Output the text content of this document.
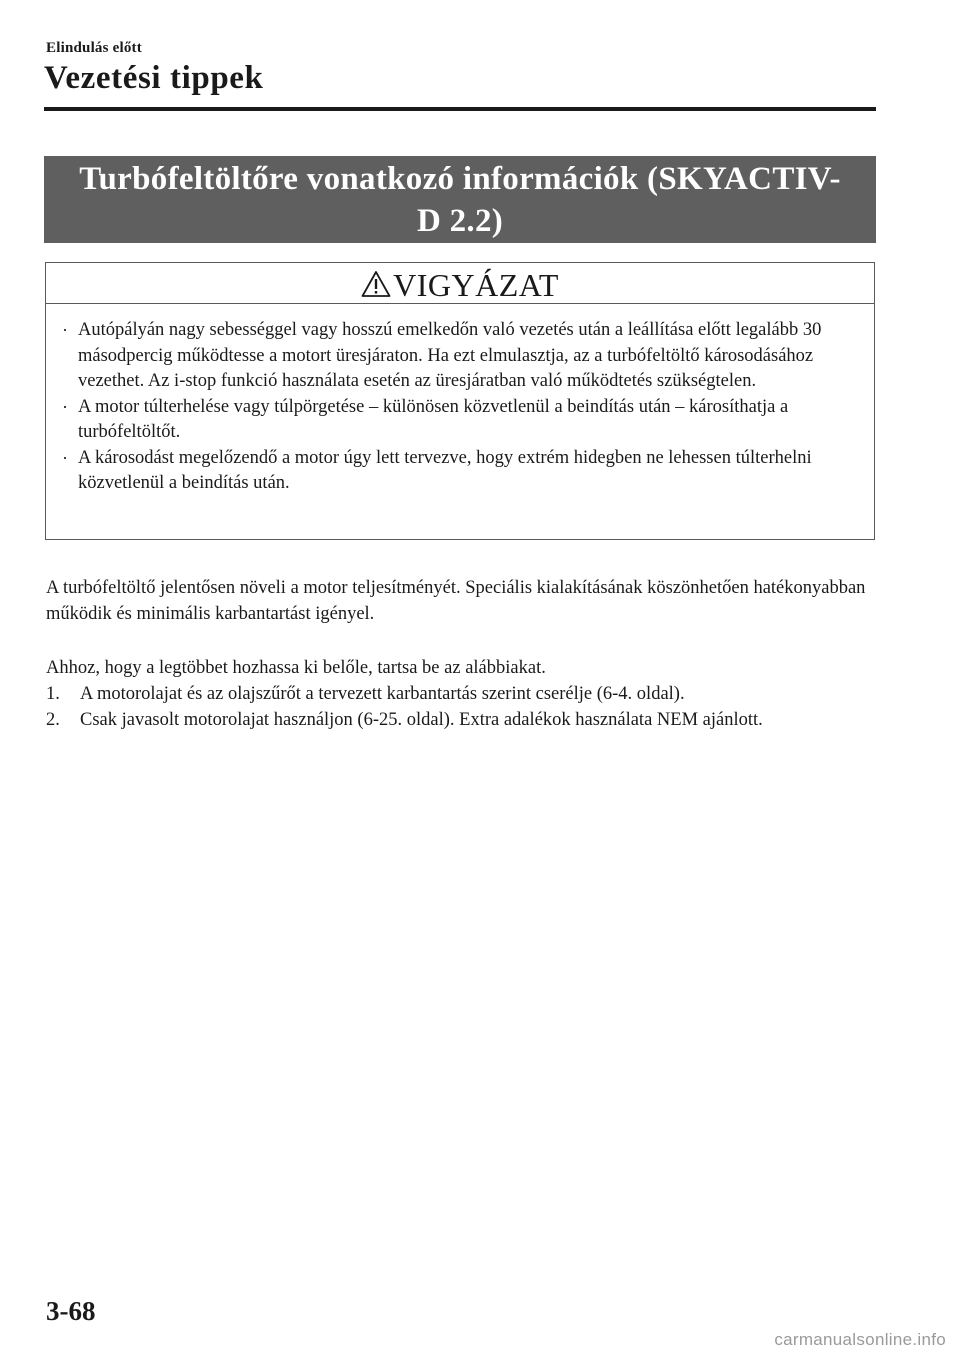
Elindulás előtt
Vezetési tippek
Turbófeltöltőre vonatkozó információk (SKYACTIV-D 2.2)
VIGYÁZAT
· Autópályán nagy sebességgel vagy hosszú emelkedőn való vezetés után a leállítása előtt legalább 30 másodpercig működtesse a motort üresjáraton. Ha ezt elmulasztja, az a turbófeltöltő károsodásához vezethet. Az i-stop funkció használata esetén az üresjáratban való működtetés szükségtelen.
· A motor túlterhelése vagy túlpörgetése – különösen közvetlenül a beindítás után – károsíthatja a turbófeltöltőt.
· A károsodást megelőzendő a motor úgy lett tervezve, hogy extrém hidegben ne lehessen túlterhelni közvetlenül a beindítás után.

A turbófeltöltő jelentősen növeli a motor teljesítményét. Speciális kialakításának köszönhetően hatékonyabban működik és minimális karbantartást igényel.

Ahhoz, hogy a legtöbbet hozhassa ki belőle, tartsa be az alábbiakat.

1. A motorolajat és az olajszűrőt a tervezett karbantartás szerint cserélje (6-4. oldal).
2. Csak javasolt motorolajat használjon (6-25. oldal). Extra adalékok használata NEM ajánlott.
3-68
carmanualsonline.info
